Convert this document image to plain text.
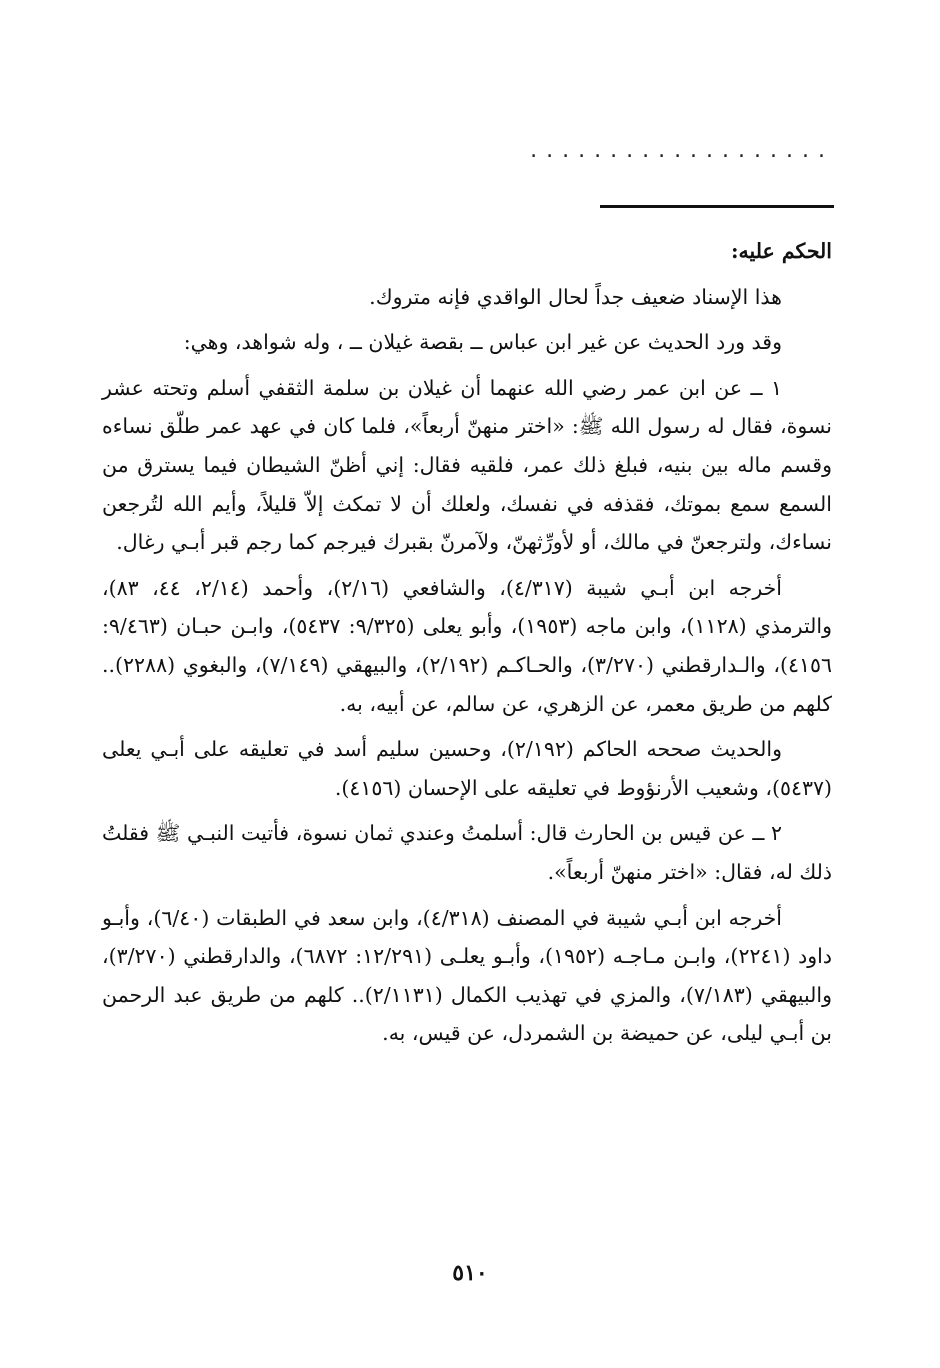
...................

الحكم عليه:

هذا الإسناد ضعيف جداً لحال الواقدي فإنه متروك.

وقد ورد الحديث عن غير ابن عباس ــ بقصة غيلان ــ ، وله شواهد، وهي:

١ ــ عن ابن عمر رضي الله عنهما أن غيلان بن سلمة الثقفي أسلم وتحته عشر نسوة، فقال له رسول الله ﷺ: «اختر منهنّ أربعاً»، فلما كان في عهد عمر طلّق نساءه وقسم ماله بين بنيه، فبلغ ذلك عمر، فلقيه فقال: إني أظنّ الشيطان فيما يسترق من السمع سمع بموتك، فقذفه في نفسك، ولعلك أن لا تمكث إلاّ قليلاً، وأيم الله لتُرجعن نساءك، ولترجعنّ في مالك، أو لأورِّثهنّ، ولآمرنّ بقبرك فيرجم كما رجم قبر أبـي رغال.

أخرجه ابن أبـي شيبة (٤/٣١٧)، والشافعي (٢/١٦)، وأحمد (٢/١٤، ٤٤، ٨٣)، والترمذي (١١٢٨)، وابن ماجه (١٩٥٣)، وأبو يعلى (٩/٣٢٥: ٥٤٣٧)، وابـن حبـان (٩/٤٦٣: ٤١٥٦)، والـدارقطني (٣/٢٧٠)، والحـاكـم (٢/١٩٢)، والبيهقي (٧/١٤٩)، والبغوي (٢٢٨٨).. كلهم من طريق معمر، عن الزهري، عن سالم، عن أبيه، به.

والحديث صححه الحاكم (٢/١٩٢)، وحسين سليم أسد في تعليقه على أبـي يعلى (٥٤٣٧)، وشعيب الأرنؤوط في تعليقه على الإحسان (٤١٥٦).

٢ ــ عن قيس بن الحارث قال: أسلمتُ وعندي ثمان نسوة، فأتيت النبـي ﷺ فقلتُ ذلك له، فقال: «اختر منهنّ أربعاً».

أخرجه ابن أبـي شيبة في المصنف (٤/٣١٨)، وابن سعد في الطبقات (٦/٤٠)، وأبـو داود (٢٢٤١)، وابـن مـاجـه (١٩٥٢)، وأبـو يعلـى (١٢/٢٩١: ٦٨٧٢)، والدارقطني (٣/٢٧٠)، والبيهقي (٧/١٨٣)، والمزي في تهذيب الكمال (٢/١١٣١).. كلهم من طريق عبد الرحمن بن أبـي ليلى، عن حميضة بن الشمردل، عن قيس، به.

٥١٠
